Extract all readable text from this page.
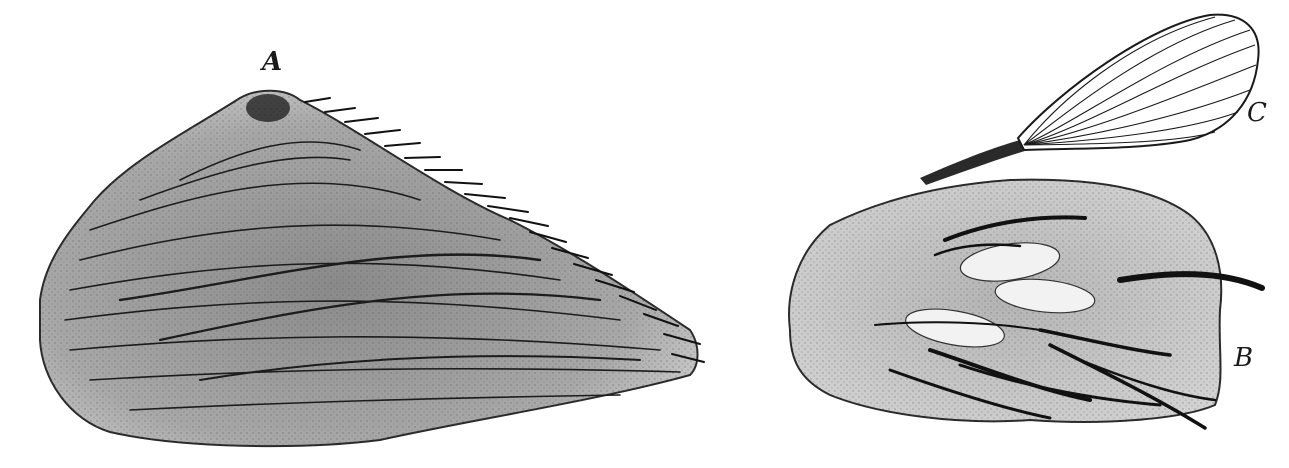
A
B
C
